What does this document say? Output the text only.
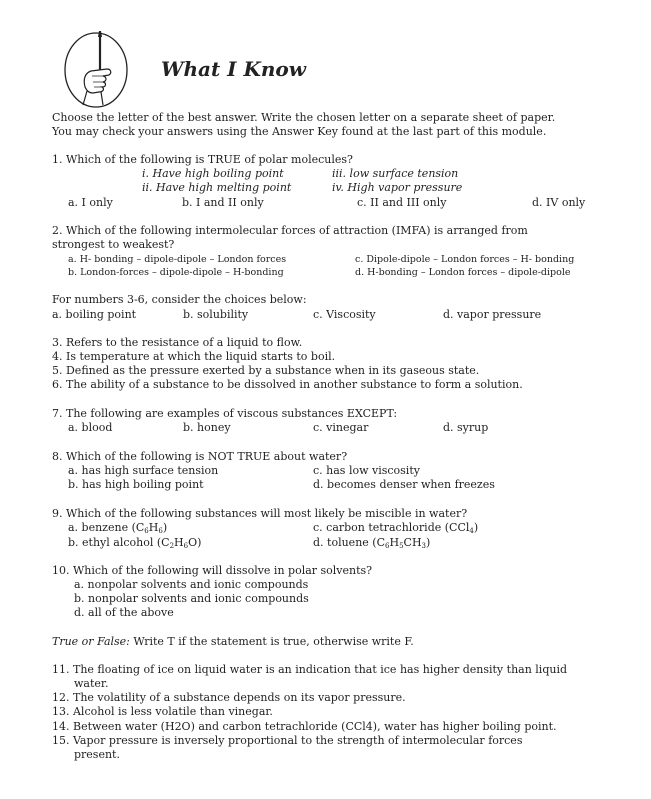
What I Know
Choose the letter of the best answer. Write the chosen letter on a separate sheet of paper.
You may check your answers using the Answer Key found at the last part of this module.
1. Which of the following is TRUE of polar molecules?
i. Have high boiling point	iii. low surface tension
ii. Have high melting point	iv. High vapor pressure
a. I only	b. I and II only	c. II and III only	d. IV only
2. Which of the following intermolecular forces of attraction (IMFA) is arranged from
strongest to weakest?
a. H- bonding – dipole-dipole – London forces	c. Dipole-dipole – London forces – H- bonding
b. London-forces – dipole-dipole – H-bonding	d. H-bonding – London forces – dipole-dipole
For numbers 3-6, consider the choices below:
a. boiling point	b. solubility	c. Viscosity	d. vapor pressure
3. Refers to the resistance of a liquid to flow.
4. Is temperature at which the liquid starts to boil.
5. Defined as the pressure exerted by a substance when in its gaseous state.
6. The ability of a substance to be dissolved in another substance to form a solution.
7. The following are examples of viscous substances EXCEPT:
a. blood	b. honey	c. vinegar	d. syrup
8. Which of the following is NOT TRUE about water?
a. has high surface tension	c. has low viscosity
b. has high boiling point	d. becomes denser when freezes
9. Which of the following substances will most likely be miscible in water?
a. benzene $(C_6H_6)$	c. carbon tetrachloride (CCl$_4$)
b. ethyl alcohol $(C_2H_6O)$	d. toluene $(C_6H_5CH_3)$
10. Which of the following will dissolve in polar solvents?
a. nonpolar solvents and ionic compounds
b. nonpolar solvents and ionic compounds
d. all of the above
True or False: Write T if the statement is true, otherwise write F.
11. The floating of ice on liquid water is an indication that ice has higher density than liquid
water.
12. The volatility of a substance depends on its vapor pressure.
13. Alcohol is less volatile than vinegar.
14. Between water (H2O) and carbon tetrachloride (CCl4), water has higher boiling point.
15. Vapor pressure is inversely proportional to the strength of intermolecular forces
present.
